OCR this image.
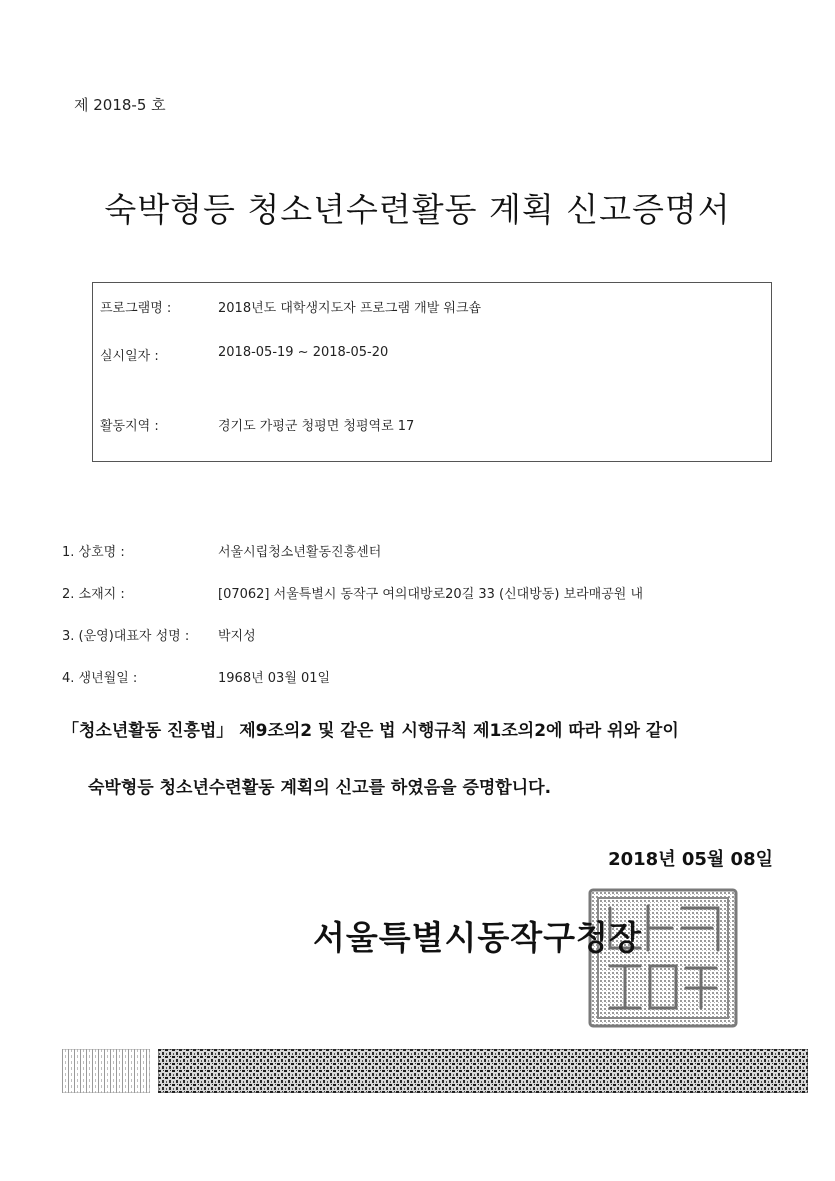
제 2018-5 호
숙박형등 청소년수련활동 계획 신고증명서
프로그램명 :	2018년도 대학생지도자 프로그램 개발 워크숍
실시일자 :	2018-05-19 ~ 2018-05-20
활동지역 :	경기도 가평군 청평면 청평역로 17
1. 상호명 :	서울시립청소년활동진흥센터
2. 소재지 :	[07062] 서울특별시 동작구 여의대방로20길 33 (신대방동) 보라매공원 내
3. (운영)대표자 성명 : 박지성
4. 생년월일 :	1968년 03월 01일
「청소년활동 진흥법」 제9조의2 및 같은 법 시행규칙 제1조의2에 따라 위와 같이
숙박형등 청소년수련활동 계획의 신고를 하였음을 증명합니다.
2018년 05월 08일
서울특별시동작구청장
